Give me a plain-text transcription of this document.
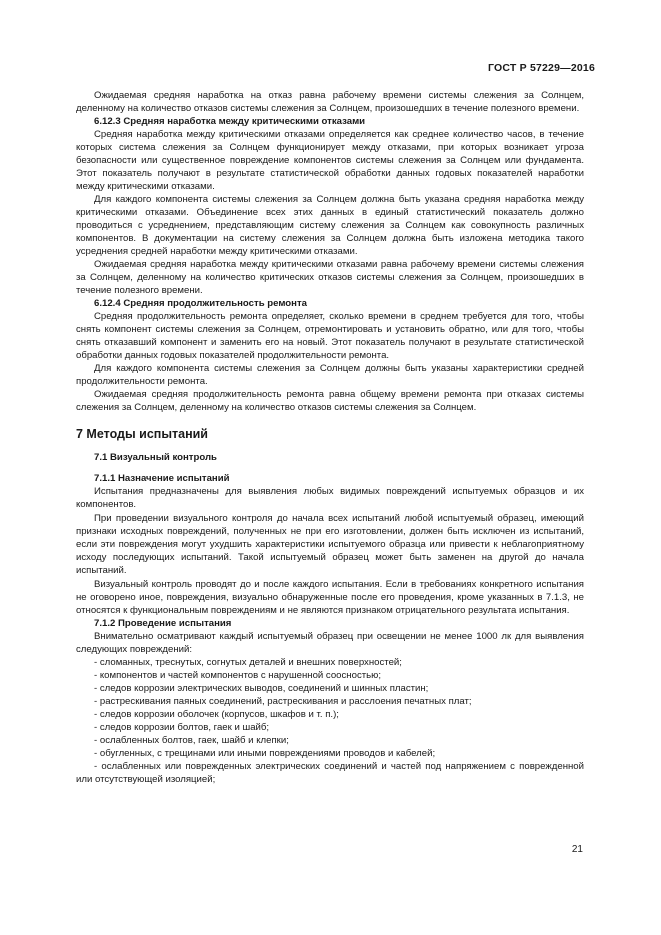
ГОСТ Р 57229—2016

Ожидаемая средняя наработка на отказ равна рабочему времени системы слежения за Солнцем, деленному на количество отказов системы слежения за Солнцем, произошедших в течение полезного времени.

6.12.3 Средняя наработка между критическими отказами

Средняя наработка между критическими отказами определяется как среднее количество часов, в течение которых система слежения за Солнцем функционирует между отказами, при которых возникает угроза безопасности или существенное повреждение компонентов системы слежения за Солнцем или фундамента. Этот показатель получают в результате статистической обработки данных годовых показателей наработки между критическими отказами.

Для каждого компонента системы слежения за Солнцем должна быть указана средняя наработка между критическими отказами. Объединение всех этих данных в единый статистический показатель должно проводиться с усреднением, представляющим систему слежения за Солнцем как совокупность различных компонентов. В документации на систему слежения за Солнцем должна быть изложена методика такого усреднения средней наработки между критическими отказами.

Ожидаемая средняя наработка между критическими отказами равна рабочему времени системы слежения за Солнцем, деленному на количество критических отказов системы слежения за Солнцем, произошедших в течение полезного времени.

6.12.4 Средняя продолжительность ремонта

Средняя продолжительность ремонта определяет, сколько времени в среднем требуется для того, чтобы снять компонент системы слежения за Солнцем, отремонтировать и установить обратно, или для того, чтобы снять отказавший компонент и заменить его на новый. Этот показатель получают в результате статистической обработки данных годовых показателей продолжительности ремонта.

Для каждого компонента системы слежения за Солнцем должны быть указаны характеристики средней продолжительности ремонта.

Ожидаемая средняя продолжительность ремонта равна общему времени ремонта при отказах системы слежения за Солнцем, деленному на количество отказов системы слежения за Солнцем.

7 Методы испытаний

7.1 Визуальный контроль

7.1.1 Назначение испытаний

Испытания предназначены для выявления любых видимых повреждений испытуемых образцов и их компонентов.

При проведении визуального контроля до начала всех испытаний любой испытуемый образец, имеющий признаки исходных повреждений, полученных не при его изготовлении, должен быть исключен из испытаний, если эти повреждения могут ухудшить характеристики испытуемого образца или привести к неблагоприятному исходу последующих испытаний. Такой испытуемый образец может быть заменен на другой до начала испытаний.

Визуальный контроль проводят до и после каждого испытания. Если в требованиях конкретного испытания не оговорено иное, повреждения, визуально обнаруженные после его проведения, кроме указанных в 7.1.3, не относятся к функциональным повреждениям и не являются признаком отрицательного результата испытания.

7.1.2 Проведение испытания

Внимательно осматривают каждый испытуемый образец при освещении не менее 1000 лк для выявления следующих повреждений:

- сломанных, треснутых, согнутых деталей и внешних поверхностей;
- компонентов и частей компонентов с нарушенной соосностью;
- следов коррозии электрических выводов, соединений и шинных пластин;
- растрескивания паяных соединений, растрескивания и расслоения печатных плат;
- следов коррозии оболочек (корпусов, шкафов и т. п.);
- следов коррозии болтов, гаек и шайб;
- ослабленных болтов, гаек, шайб и клепки;
- обугленных, с трещинами или иными повреждениями проводов и кабелей;
- ослабленных или поврежденных электрических соединений и частей под напряжением с поврежденной или отсутствующей изоляцией;
21
